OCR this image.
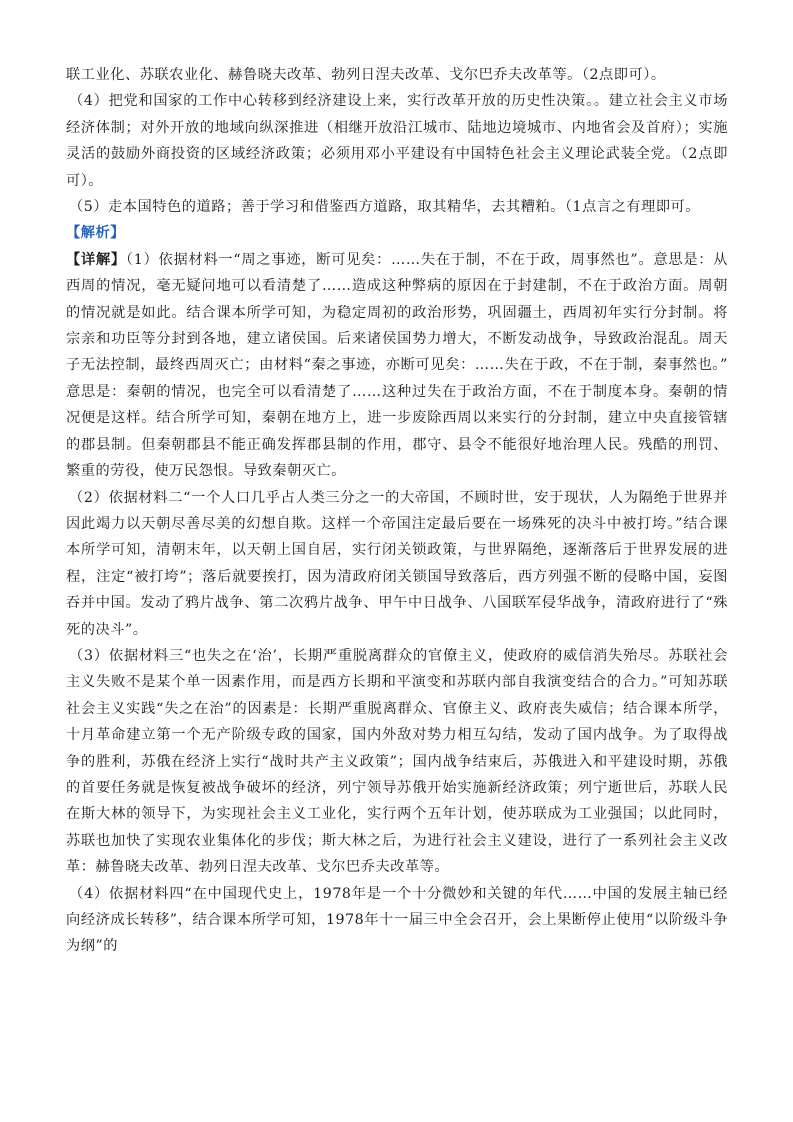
联工业化、苏联农业化、赫鲁晓夫改革、勃列日涅夫改革、戈尔巴乔夫改革等。（2点即可）。

（4）把党和国家的工作中心转移到经济建设上来，实行改革开放的历史性决策。。建立社会主义市场经济体制；对外开放的地域向纵深推进（相继开放沿江城市、陆地边境城市、内地省会及首府）；实施灵活的鼓励外商投资的区域经济政策；必须用邓小平建设有中国特色社会主义理论武装全党。（2点即可）。

（5）走本国特色的道路；善于学习和借鉴西方道路，取其精华，去其糟粕。（1点言之有理即可。

【解析】

【详解】（1）依据材料一“周之事迹，断可见矣：……失在于制，不在于政，周事然也”。意思是：从西周的情况，毫无疑问地可以看清楚了……造成这种弊病的原因在于封建制，不在于政治方面。周朝的情况就是如此。结合课本所学可知，为稳定周初的政治形势，巩固疆土，西周初年实行分封制。将宗亲和功臣等分封到各地，建立诸侯国。后来诸侯国势力增大，不断发动战争，导致政治混乱。周天子无法控制，最终西周灭亡；由材料“秦之事迹，亦断可见矣：……失在于政，不在于制，秦事然也。”　意思是：秦朝的情况，也完全可以看清楚了……这种过失在于政治方面，不在于制度本身。秦朝的情况便是这样。结合所学可知，秦朝在地方上，进一步废除西周以来实行的分封制，建立中央直接管辖的郡县制。但秦朝郡县不能正确发挥郡县制的作用，郡守、县令不能很好地治理人民。残酷的刑罚、繁重的劳役，使万民怨恨。导致秦朝灭亡。

（2）依据材料二“一个人口几乎占人类三分之一的大帝国，不顾时世，安于现状，人为隔绝于世界并因此竭力以天朝尽善尽美的幻想自欺。这样一个帝国注定最后要在一场殊死的决斗中被打垮。”结合课本所学可知，清朝末年，以天朝上国自居，实行闭关锁政策，与世界隔绝，逐渐落后于世界发展的进程，注定“被打垮”；落后就要挨打，因为清政府闭关锁国导致落后，西方列强不断的侵略中国，妄图吞并中国。发动了鸦片战争、第二次鸦片战争、甲午中日战争、八国联军侵华战争，清政府进行了“殊死的决斗”。

（3）依据材料三“也失之在‘治’，长期严重脱离群众的官僚主义，使政府的威信消失殆尽。苏联社会主义失败不是某个单一因素作用，而是西方长期和平演变和苏联内部自我演变结合的合力。”可知苏联社会主义实践“失之在治”的因素是：长期严重脱离群众、官僚主义、政府丧失威信；结合课本所学，十月革命建立第一个无产阶级专政的国家，国内外敌对势力相互勾结，发动了国内战争。为了取得战争的胜利，苏俄在经济上实行“战时共产主义政策”；国内战争结束后，苏俄进入和平建设时期，苏俄的首要任务就是恢复被战争破坏的经济，列宁领导苏俄开始实施新经济政策；列宁逝世后，苏联人民在斯大林的领导下，为实现社会主义工业化，实行两个五年计划，使苏联成为工业强国；以此同时，苏联也加快了实现农业集体化的步伐；斯大林之后，为进行社会主义建设，进行了一系列社会主义改革：赫鲁晓夫改革、勃列日涅夫改革、戈尔巴乔夫改革等。

（4）依据材料四“在中国现代史上，1978年是一个十分微妙和关键的年代……中国的发展主轴已经向经济成长转移”，结合课本所学可知，1978年十一届三中全会召开，会上果断停止使用“以阶级斗争为纲”的
